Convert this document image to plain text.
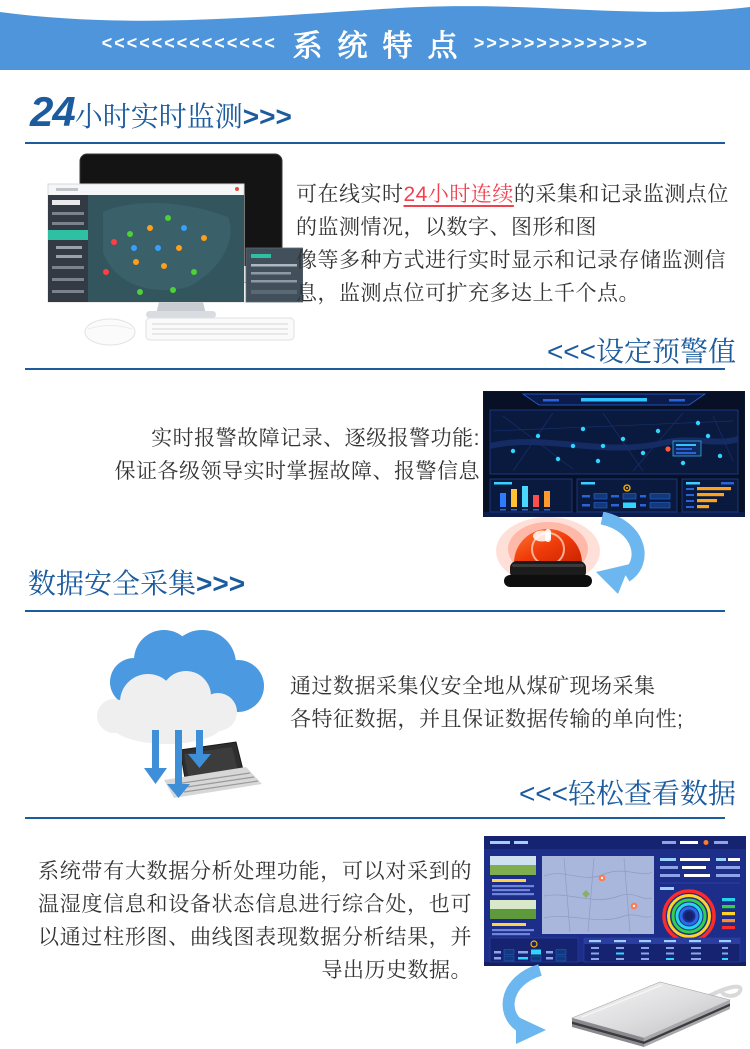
<<<<<<<<<<<<<< 系统特点 >>>>>>>>>>>>>>
24小时实时监测>>>
可在线实时24小时连续的采集和记录监测点位的监测情况，以数字、图形和图
像等多种方式进行实时显示和记录存储监测信息，监测点位可扩充多达上千个点。
<<<设定预警值
实时报警故障记录、逐级报警功能:
保证各级领导实时掌握故障、报警信息
数据安全采集>>>
通过数据采集仪安全地从煤矿现场采集
各特征数据，并且保证数据传输的单向性;
<<<轻松查看数据
系统带有大数据分析处理功能，可以对采到的温湿度信息和设备状态信息进行综合处，也可以通过柱形图、曲线图表现数据分析结果，并导出历史数据。
